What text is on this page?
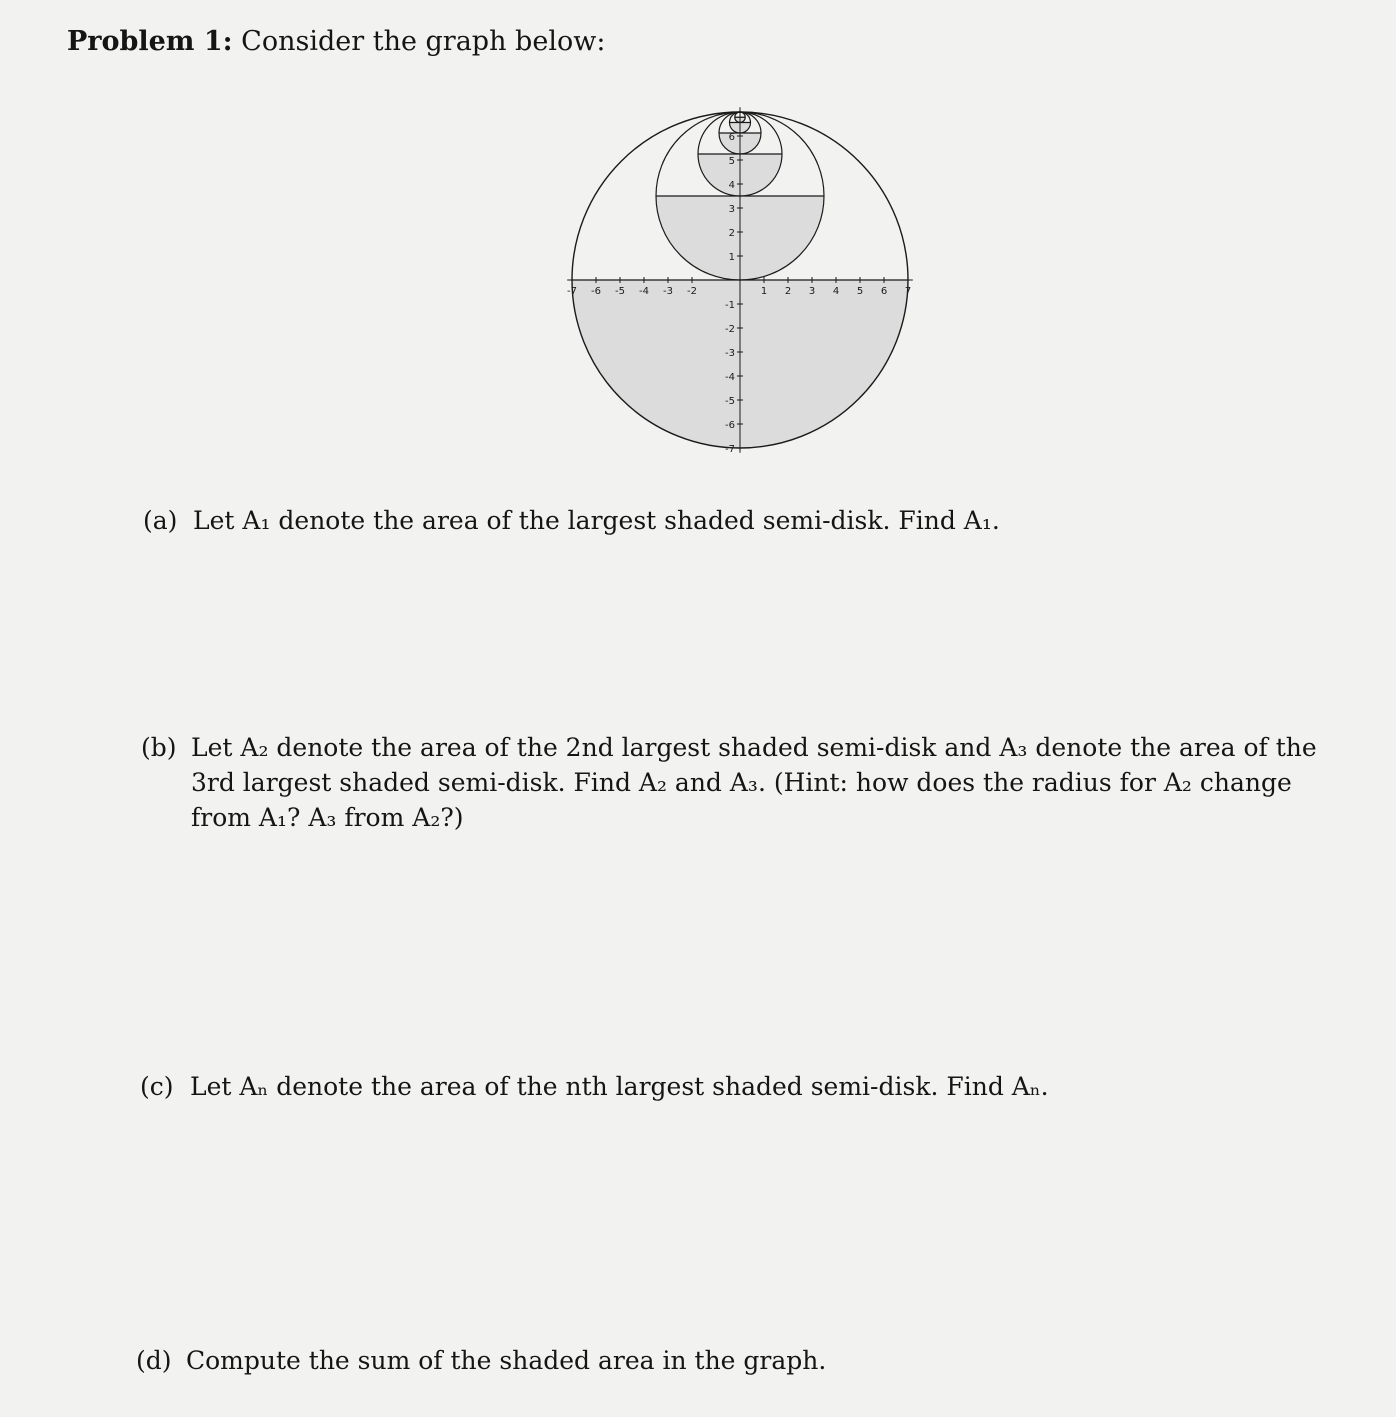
Problem 1: Consider the graph below:
-7 -6 -5 -4 -3 -2	1 2 3 4 5 6 7
1
2
3
4
5
6
-1
-2
-3
-4
-5
-6
-7
(a) Let A₁ denote the area of the largest shaded semi-disk. Find A₁.
(b) Let A₂ denote the area of the 2nd largest shaded semi-disk and A₃ denote the area of the 3rd largest shaded semi-disk. Find A₂ and A₃. (Hint: how does the radius for A₂ change from A₁? A₃ from A₂?)
(c) Let Aₙ denote the area of the nth largest shaded semi-disk. Find Aₙ.
(d) Compute the sum of the shaded area in the graph.
